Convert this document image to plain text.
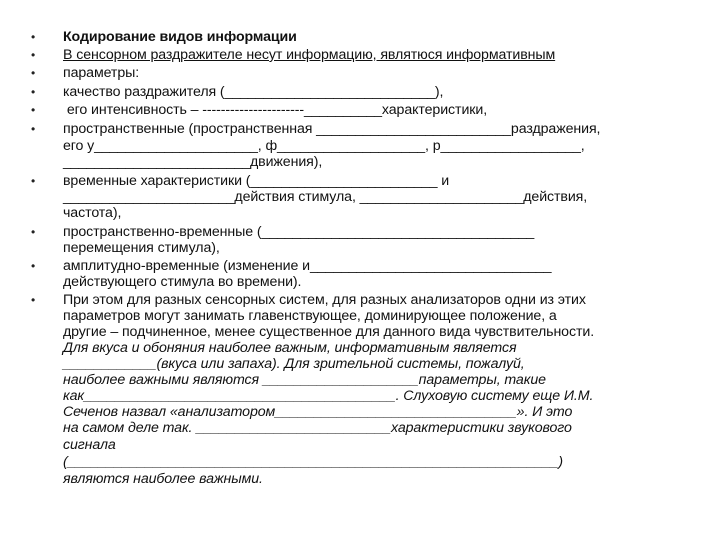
•
•
•
•
•
•
•
•
•
•
Кодирование видов информации
В сенсорном раздражителе несут информацию, являтюся информативным
параметры:
качество раздражителя (___________________________),
его интенсивность – ----------------------__________характеристики,
пространственные (пространственная _________________________раздражения,
его у_____________________, ф___________________, р__________________,
________________________движения),
временные характеристики (________________________ и
______________________действия стимула, _____________________действия,
частота),
пространственно-временные (___________________________________
перемещения стимула),
амплитудно-временные (изменение и_______________________________
действующего стимула во времени).
При этом для разных сенсорных систем, для разных анализаторов одни из этих
параметров могут занимать главенствующее, доминирующее положение, а
другие – подчиненное, менее существенное для данного вида чувствительности.
Для вкуса и обоняния наиболее важным, информативным является
____________(вкуса или запаха). Для зрительной системы, пожалуй,
наиболее важными являются ____________________параметры, такие
как________________________________________. Слуховую систему еще И.М.
Сеченов назвал «анализатором_______________________________». И это
на самом деле так. _________________________характеристики звукового
сигнала
(_______________________________________________________________)
являются наиболее важными.
